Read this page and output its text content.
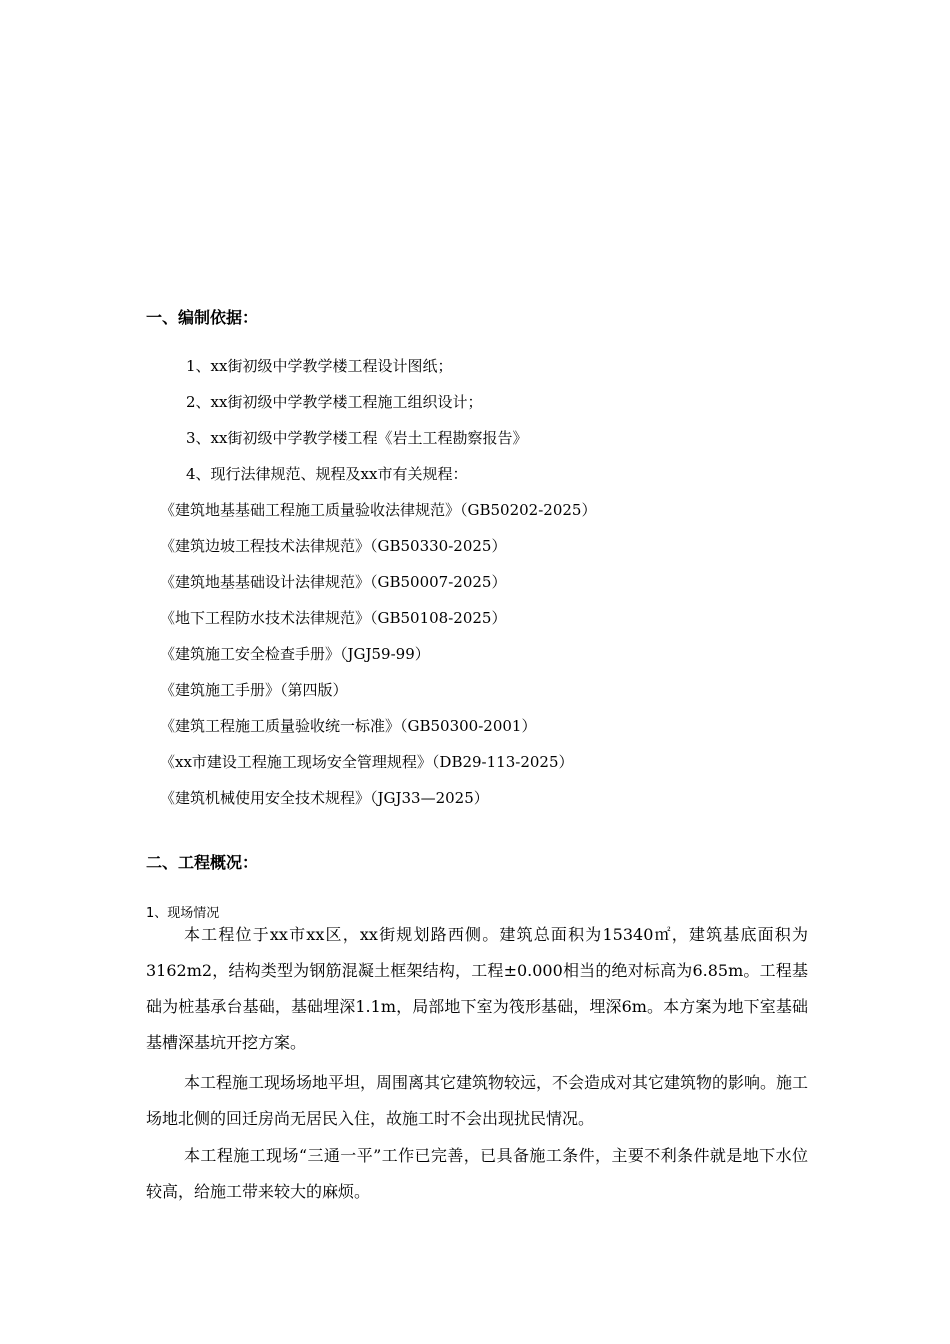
一、编制依据：
1、xx街初级中学教学楼工程设计图纸；
2、xx街初级中学教学楼工程施工组织设计；
3、xx街初级中学教学楼工程《岩土工程勘察报告》
4、现行法律规范、规程及xx市有关规程：
《建筑地基基础工程施工质量验收法律规范》（GB50202-2025）
《建筑边坡工程技术法律规范》（GB50330-2025）
《建筑地基基础设计法律规范》（GB50007-2025）
《地下工程防水技术法律规范》（GB50108-2025）
《建筑施工安全检查手册》（JGJ59-99）
《建筑施工手册》（第四版）
《建筑工程施工质量验收统一标准》（GB50300-2001）
《xx市建设工程施工现场安全管理规程》（DB29-113-2025）
《建筑机械使用安全技术规程》（JGJ33—2025）
二、工程概况：
1、现场情况
本工程位于xx市xx区，xx街规划路西侧。建筑总面积为15340㎡，建筑基底面积为3162m2，结构类型为钢筋混凝土框架结构，工程±0.000相当的绝对标高为6.85m。工程基础为桩基承台基础，基础埋深1.1m，局部地下室为筏形基础，埋深6m。本方案为地下室基础基槽深基坑开挖方案。
本工程施工现场场地平坦，周围离其它建筑物较远，不会造成对其它建筑物的影响。施工场地北侧的回迁房尚无居民入住，故施工时不会出现扰民情况。
本工程施工现场“三通一平”工作已完善，已具备施工条件，主要不利条件就是地下水位较高，给施工带来较大的麻烦。
